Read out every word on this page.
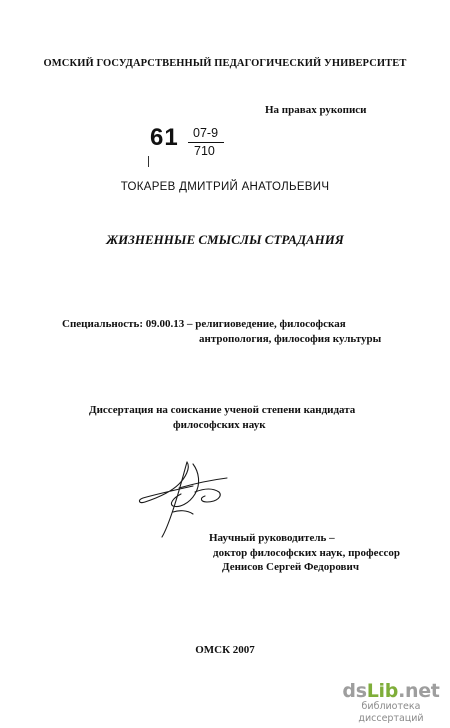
ОМСКИЙ ГОСУДАРСТВЕННЫЙ ПЕДАГОГИЧЕСКИЙ УНИВЕРСИТЕТ
На правах рукописи
61 07-9
710
ТОКАРЕВ ДМИТРИЙ АНАТОЛЬЕВИЧ
ЖИЗНЕННЫЕ СМЫСЛЫ СТРАДАНИЯ
Специальность: 09.00.13 – религиоведение, философская
антропология, философия культуры
Диссертация на соискание ученой степени кандидата
философских наук
Научный руководитель –
доктор философских наук, профессор
Денисов Сергей Федорович
ОМСК 2007
dsLib.net
библиотека диссертаций
